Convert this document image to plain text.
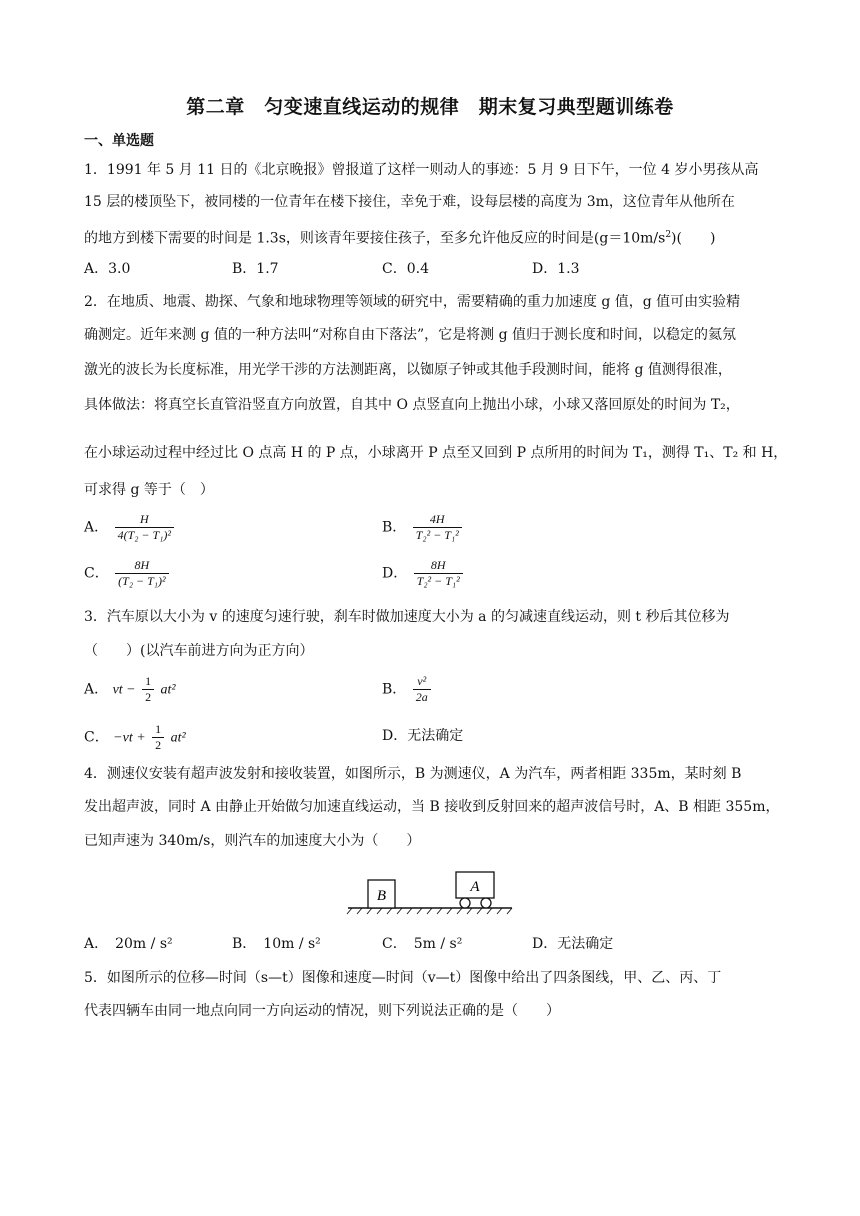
第二章　匀变速直线运动的规律　期末复习典型题训练卷
一、单选题
1．1991 年 5 月 11 日的《北京晚报》曾报道了这样一则动人的事迹：5 月 9 日下午，一位 4 岁小男孩从高
15 层的楼顶坠下，被同楼的一位青年在楼下接住，幸免于难，设每层楼的高度为 3m，这位青年从他所在
的地方到楼下需要的时间是 1.3s，则该青年要接住孩子，至多允许他反应的时间是$(g=10m/s^2)$(　　)
A．3.0	B．1.7	C．0.4	D．1.3
2．在地质、地震、勘探、气象和地球物理等领域的研究中，需要精确的重力加速度 g 值，g 值可由实验精
确测定。近年来测 g 值的一种方法叫“对称自由下落法”，它是将测 g 值归于测长度和时间，以稳定的氦氖
激光的波长为长度标准，用光学干涉的方法测距离，以铷原子钟或其他手段测时间，能将 g 值测得很准，
具体做法：将真空长直管沿竖直方向放置，自其中 O 点竖直向上抛出小球，小球又落回原处的时间为 T₂，
在小球运动过程中经过比 O 点高 H 的 P 点，小球离开 P 点至又回到 P 点所用的时间为 T₁，测得 T₁、T₂ 和 H，
可求得 g 等于（　）
A． $\frac{H}{\text{4(T₂ − T₁)²}}$	B． $\frac{4H}{\text{T₂² − T₁²}}$
C． $\frac{8H}{\text{(T₂ − T₁)²}}$	D． $\frac{8H}{\text{T₂² − T₁²}}$
3．汽车原以大小为 v 的速度匀速行驶，刹车时做加速度大小为 a 的匀减速直线运动，则 t 秒后其位移为
（　　）(以汽车前进方向为正方向）
A． vt − $\frac{1}{2} at^2$	B． $\frac{\text{v²}}{2a}$
C． $-vt + \frac{1}{2} at^2$	D．无法确定
4．测速仪安装有超声波发射和接收装置，如图所示，B 为测速仪，A 为汽车，两者相距 335m，某时刻 B
发出超声波，同时 A 由静止开始做匀加速直线运动，当 B 接收到反射回来的超声波信号时，A、B 相距 355m，
已知声速为 340m/s，则汽车的加速度大小为（　　）
B
A
A．　20m / s²	B．　10m / s²	C．　5m / s²	D．无法确定
5．如图所示的位移—时间（s—t）图像和速度—时间（v—t）图像中给出了四条图线，甲、乙、丙、丁
代表四辆车由同一地点向同一方向运动的情况，则下列说法正确的是（　　）
